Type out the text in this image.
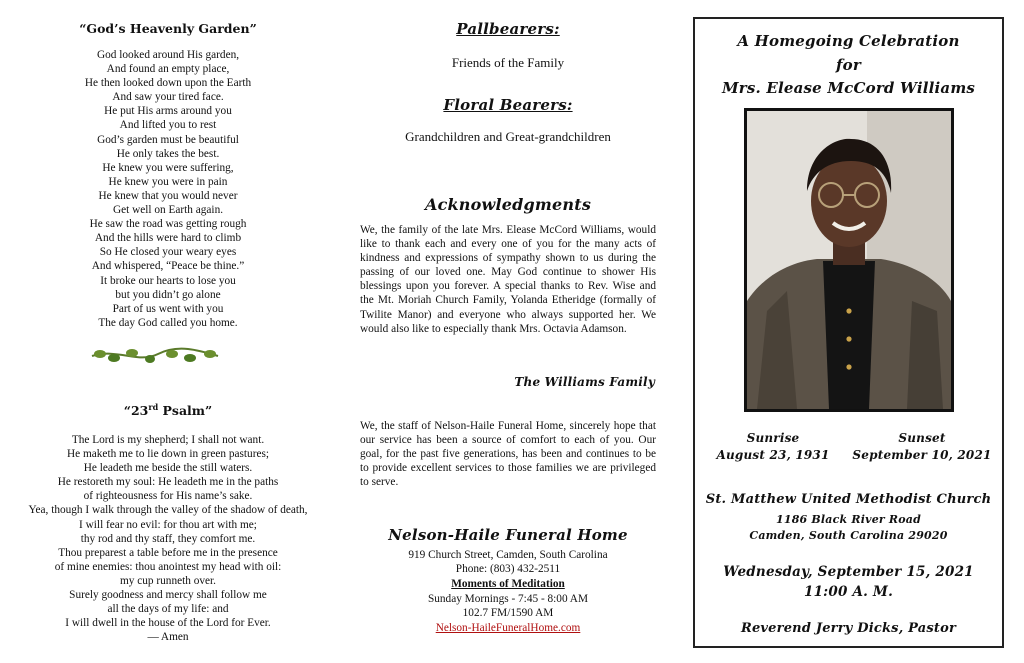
“God’s Heavenly Garden”
God looked around His garden,
And found an empty place,
He then looked down upon the Earth
And saw your tired face.
He put His arms around you
And lifted you to rest
God’s garden must be beautiful
He only takes the best.
He knew you were suffering,
He knew you were in pain
He knew that you would never
Get well on Earth again.
He saw the road was getting rough
And the hills were hard to climb
So He closed your weary eyes
And whispered, “Peace be thine.”
It broke our hearts to lose you
but you didn’t go alone
Part of us went with you
The day God called you home.
“23rd Psalm”
The Lord is my shepherd; I shall not want.
He maketh me to lie down in green pastures;
He leadeth me beside the still waters.
He restoreth my soul: He leadeth me in the paths
of righteousness for His name’s sake.
Yea, though I walk through the valley of the shadow of death,
I will fear no evil: for thou art with me;
thy rod and thy staff, they comfort me.
Thou preparest a table before me in the presence
of mine enemies: thou anointest my head with oil:
my cup runneth over.
Surely goodness and mercy shall follow me
all the days of my life: and
I will dwell in the house of the Lord for Ever.
— Amen
Pallbearers:
Friends of the Family
Floral Bearers:
Grandchildren and Great-grandchildren
Acknowledgments
We, the family of the late Mrs. Elease McCord Williams, would like to thank each and every one of you for the many acts of kindness and expressions of sympathy shown to us during the passing of our loved one. May God continue to shower His blessings upon you forever. A special thanks to Rev. Wise and the Mt. Moriah Church Family, Yolanda Etheridge (formally of Twilite Manor) and everyone who always supported her. We would also like to especially thank Mrs. Octavia Adamson.
The Williams Family
We, the staff of Nelson-Haile Funeral Home, sincerely hope that our service has been a source of comfort to each of you. Our goal, for the past five generations, has been and continues to be to provide excellent services to those families we are privileged to serve.
Nelson-Haile Funeral Home
919 Church Street, Camden, South Carolina
Phone: (803) 432-2511
Moments of Meditation
Sunday Mornings - 7:45 - 8:00 AM
102.7 FM/1590 AM
Nelson-HaileFuneralHome.com
A Homegoing Celebration
for
Mrs. Elease McCord Williams
Sunrise
August 23, 1931
Sunset
September 10, 2021
St. Matthew United Methodist Church
1186 Black River Road
Camden, South Carolina 29020
Wednesday, September 15, 2021
11:00 A. M.
Reverend Jerry Dicks, Pastor
